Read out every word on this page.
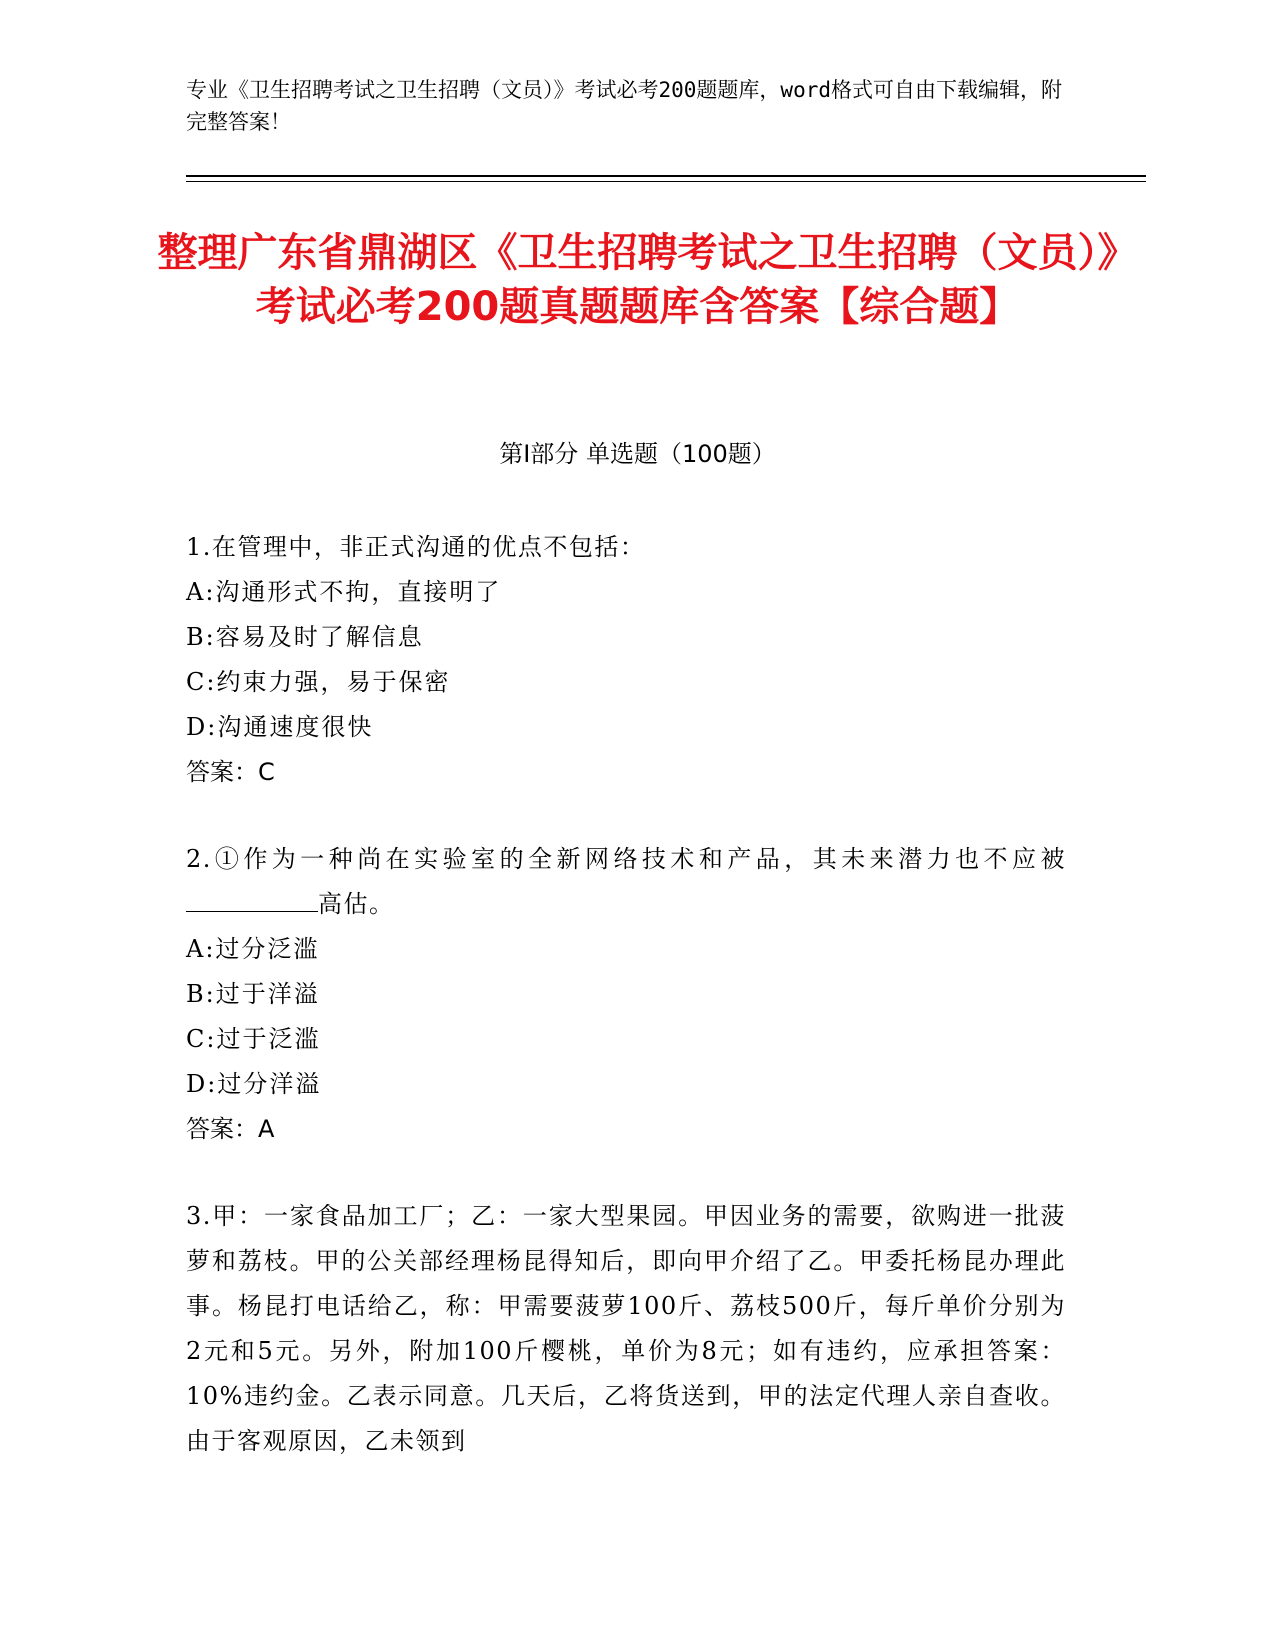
专业《卫生招聘考试之卫生招聘（文员）》考试必考200题题库，word格式可自由下载编辑，附完整答案！
整理广东省鼎湖区《卫生招聘考试之卫生招聘（文员）》考试必考200题真题题库含答案【综合题】
第Ⅰ部分 单选题（100题）
1.在管理中，非正式沟通的优点不包括：
A:沟通形式不拘，直接明了
B:容易及时了解信息
C:约束力强，易于保密
D:沟通速度很快
答案：C
2.①作为一种尚在实验室的全新网络技术和产品，其未来潜力也不应被高估。
A:过分泛滥
B:过于洋溢
C:过于泛滥
D:过分洋溢
答案：A
3.甲：一家食品加工厂；乙：一家大型果园。甲因业务的需要，欲购进一批菠萝和荔枝。甲的公关部经理杨昆得知后，即向甲介绍了乙。甲委托杨昆办理此事。杨昆打电话给乙，称：甲需要菠萝100斤、荔枝500斤，每斤单价分别为2元和5元。另外，附加100斤樱桃，单价为8元；如有违约，应承担答案：10%违约金。乙表示同意。几天后，乙将货送到，甲的法定代理人亲自查收。由于客观原因，乙未领到
